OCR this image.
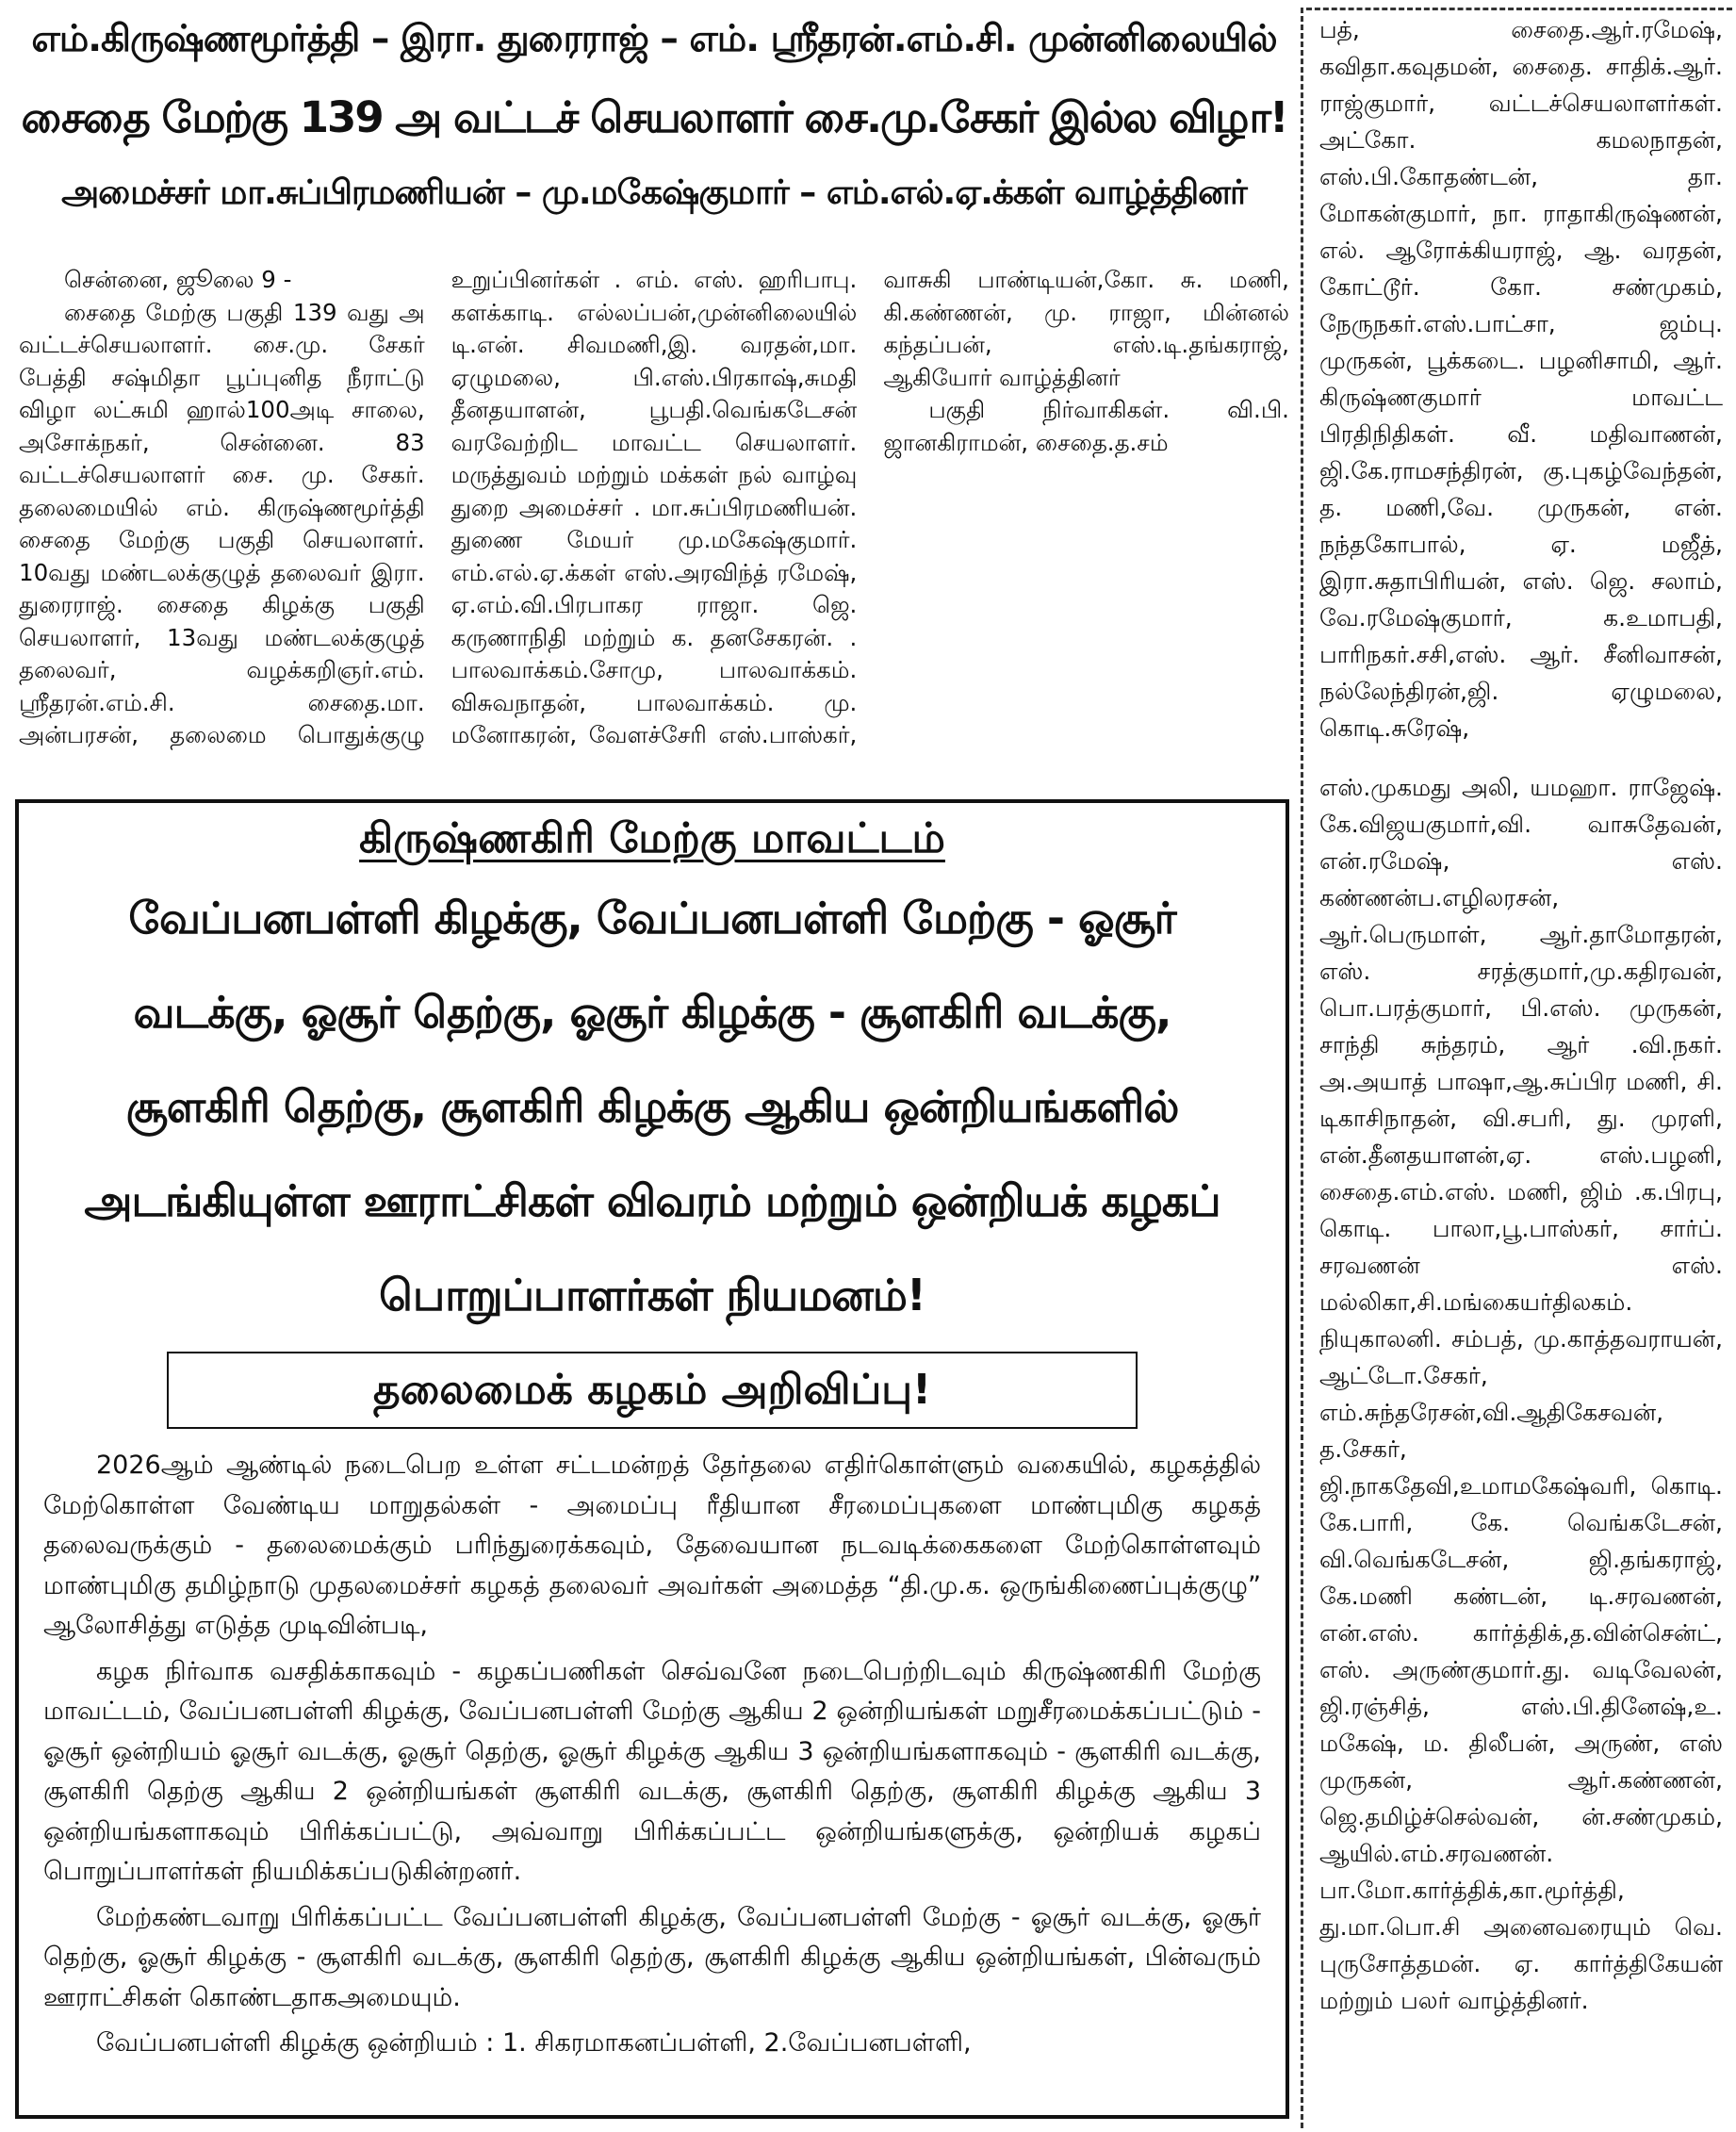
எம்.கிருஷ்ணமூர்த்தி – இரா. துரைராஜ் – எம். ஸ்ரீதரன்.எம்.சி. முன்னிலையில்
சைதை மேற்கு 139 அ வட்டச் செயலாளர் சை.மு.சேகர் இல்ல விழா!
அமைச்சர் மா.சுப்பிரமணியன் – மு.மகேஷ்குமார் – எம்.எல்.ஏ.க்கள் வாழ்த்தினர்

சென்னை, ஜூலை 9 -

சைதை மேற்கு பகுதி 139 வது அ வட்டச்செயலாளர். சை.மு. சேகர் பேத்தி சஷ்மிதா பூப்புனித நீராட்டு விழா லட்சுமி ஹால்100அடி சாலை, அசோக்நகர், சென்னை. 83 வட்டச்செயலாளர் சை. மு. சேகர். தலைமையில் எம். கிருஷ்ணமூர்த்தி சைதை மேற்கு பகுதி செயலாளர். 10வது மண்டலக்குழுத் தலைவர் இரா. துரைராஜ். சைதை கிழக்கு பகுதி செயலாளர், 13வது மண்டலக்குழுத் தலைவர், வழக்கறிஞர்.எம். ஸ்ரீதரன்.எம்.சி. சைதை.மா. அன்பரசன், தலைமை பொதுக்குழு உறுப்பினர்கள் . எம். எஸ். ஹரிபாபு. களக்காடி. எல்லப்பன்,முன்னிலையில் டி.என். சிவமணி,இ. வரதன்,மா. ஏழுமலை, பி.எஸ்.பிரகாஷ்,சுமதி தீனதயாளன், பூபதி.வெங்கடேசன் வரவேற்றிட மாவட்ட செயலாளர். மருத்துவம் மற்றும் மக்கள் நல் வாழ்வு துறை அமைச்சர் . மா.சுப்பிரமணியன். துணை மேயர் மு.மகேஷ்குமார். எம்.எல்.ஏ.க்கள் எஸ்.அரவிந்த் ரமேஷ், ஏ.எம்.வி.பிரபாகர ராஜா. ஜெ. கருணாநிதி மற்றும் க. தனசேகரன். . பாலவாக்கம்.சோமு, பாலவாக்கம். விசுவநாதன், பாலவாக்கம். மு. மனோகரன், வேளச்சேரி எஸ்.பாஸ்கர், வாசுகி பாண்டியன்,கோ. சு. மணி, கி.கண்ணன், மு. ராஜா, மின்னல் கந்தப்பன், எஸ்.டி.தங்கராஜ், ஆகியோர் வாழ்த்தினர்

பகுதி நிர்வாகிகள். வி.பி. ஜானகிராமன், சைதை.த.சம்

கிருஷ்ணகிரி மேற்கு மாவட்டம்
வேப்பனபள்ளி கிழக்கு, வேப்பனபள்ளி மேற்கு - ஓசூர் வடக்கு, ஓசூர் தெற்கு, ஓசூர் கிழக்கு - சூளகிரி வடக்கு, சூளகிரி தெற்கு, சூளகிரி கிழக்கு ஆகிய ஒன்றியங்களில் அடங்கியுள்ள ஊராட்சிகள் விவரம் மற்றும் ஒன்றியக் கழகப் பொறுப்பாளர்கள் நியமனம்!
தலைமைக் கழகம் அறிவிப்பு!

2026ஆம் ஆண்டில் நடைபெற உள்ள சட்டமன்றத் தேர்தலை எதிர்கொள்ளும் வகையில், கழகத்தில் மேற்கொள்ள வேண்டிய மாறுதல்கள் - அமைப்பு ரீதியான சீரமைப்புகளை மாண்புமிகு கழகத் தலைவருக்கும் - தலைமைக்கும் பரிந்துரைக்கவும், தேவையான நடவடிக்கைகளை மேற்கொள்ளவும் மாண்புமிகு தமிழ்நாடு முதலமைச்சர் கழகத் தலைவர் அவர்கள் அமைத்த “தி.மு.க. ஒருங்கிணைப்புக்குழு” ஆலோசித்து எடுத்த முடிவின்படி,

கழக நிர்வாக வசதிக்காகவும் - கழகப்பணிகள் செவ்வனே நடைபெற்றிடவும் கிருஷ்ணகிரி மேற்கு மாவட்டம், வேப்பனபள்ளி கிழக்கு, வேப்பனபள்ளி மேற்கு ஆகிய 2 ஒன்றியங்கள் மறுசீரமைக்கப்பட்டும் - ஓசூர் ஒன்றியம் ஓசூர் வடக்கு, ஓசூர் தெற்கு, ஓசூர் கிழக்கு ஆகிய 3 ஒன்றியங்களாகவும் - சூளகிரி வடக்கு, சூளகிரி தெற்கு ஆகிய 2 ஒன்றியங்கள் சூளகிரி வடக்கு, சூளகிரி தெற்கு, சூளகிரி கிழக்கு ஆகிய 3 ஒன்றியங்களாகவும் பிரிக்கப்பட்டு, அவ்வாறு பிரிக்கப்பட்ட ஒன்றியங்களுக்கு, ஒன்றியக் கழகப் பொறுப்பாளர்கள் நியமிக்கப்படுகின்றனர்.

மேற்கண்டவாறு பிரிக்கப்பட்ட வேப்பனபள்ளி கிழக்கு, வேப்பனபள்ளி மேற்கு - ஓசூர் வடக்கு, ஓசூர் தெற்கு, ஓசூர் கிழக்கு - சூளகிரி வடக்கு, சூளகிரி தெற்கு, சூளகிரி கிழக்கு ஆகிய ஒன்றியங்கள், பின்வரும் ஊராட்சிகள் கொண்டதாகஅமையும்.

வேப்பனபள்ளி கிழக்கு ஒன்றியம் : 1. சிகரமாகனப்பள்ளி, 2.வேப்பனபள்ளி,

பத், சைதை.ஆர்.ரமேஷ், கவிதா.கவுதமன், சைதை. சாதிக்.ஆர். ராஜ்குமார், வட்டச்செயலாளர்கள். அட்கோ. கமலநாதன், எஸ்.பி.கோதண்டன், தா. மோகன்குமார், நா. ராதாகிருஷ்ணன், எல். ஆரோக்கியராஜ், ஆ. வரதன், கோட்டூர். கோ. சண்முகம், நேருநகர்.எஸ்.பாட்சா, ஜம்பு. முருகன், பூக்கடை. பழனிசாமி, ஆர். கிருஷ்ணகுமார் மாவட்ட பிரதிநிதிகள். வீ. மதிவாணன், ஜி.கே.ராமசந்திரன், கு.புகழ்வேந்தன், த. மணி,வே. முருகன், என். நந்தகோபால், ஏ. மஜீத், இரா.சுதாபிரியன், எஸ். ஜெ. சலாம், வே.ரமேஷ்குமார், க.உமாபதி, பாரிநகர்.சசி,எஸ். ஆர். சீனிவாசன், நல்லேந்திரன்,ஜி. ஏழுமலை, கொடி.சுரேஷ்,

எஸ்.முகமது அலி, யமஹா. ராஜேஷ். கே.விஜயகுமார்,வி. வாசுதேவன், என்.ரமேஷ், எஸ். கண்ணன்ப.எழிலரசன், ஆர்.பெருமாள், ஆர்.தாமோதரன், எஸ். சரத்குமார்,மு.கதிரவன், பொ.பரத்குமார், பி.எஸ். முருகன், சாந்தி சுந்தரம், ஆர் .வி.நகர். அ.அயாத் பாஷா,ஆ.சுப்பிர மணி, சி. டிகாசிநாதன், வி.சபரி, து. முரளி, என்.தீனதயாளன்,ஏ. எஸ்.பழனி, சைதை.எம்.எஸ். மணி, ஜிம் .க.பிரபு, கொடி. பாலா,பூ.பாஸ்கர், சார்ப். சரவணன் எஸ். மல்லிகா,சி.மங்கையர்திலகம். நியுகாலனி. சம்பத், மு.காத்தவராயன், ஆட்டோ.சேகர், எம்.சுந்தரேசன்,வி.ஆதிகேசவன், த.சேகர், ஜி.நாகதேவி,உமாமகேஷ்வரி, கொடி. கே.பாரி, கே. வெங்கடேசன், வி.வெங்கடேசன், ஜி.தங்கராஜ், கே.மணி கண்டன், டி.சரவணன், என்.எஸ். கார்த்திக்,த.வின்சென்ட், எஸ். அருண்குமார்.து. வடிவேலன், ஜி.ரஞ்சித், எஸ்.பி.தினேஷ்,உ. மகேஷ், ம. திலீபன், அருண், எஸ் முருகன், ஆர்.கண்ணன், ஜெ.தமிழ்ச்செல்வன், ன்.சண்முகம், ஆயில்.எம்.சரவணன். பா.மோ.கார்த்திக்,கா.மூர்த்தி, து.மா.பொ.சி அனைவரையும் வெ. புருசோத்தமன். ஏ. கார்த்திகேயன் மற்றும் பலர் வாழ்த்தினர்.
